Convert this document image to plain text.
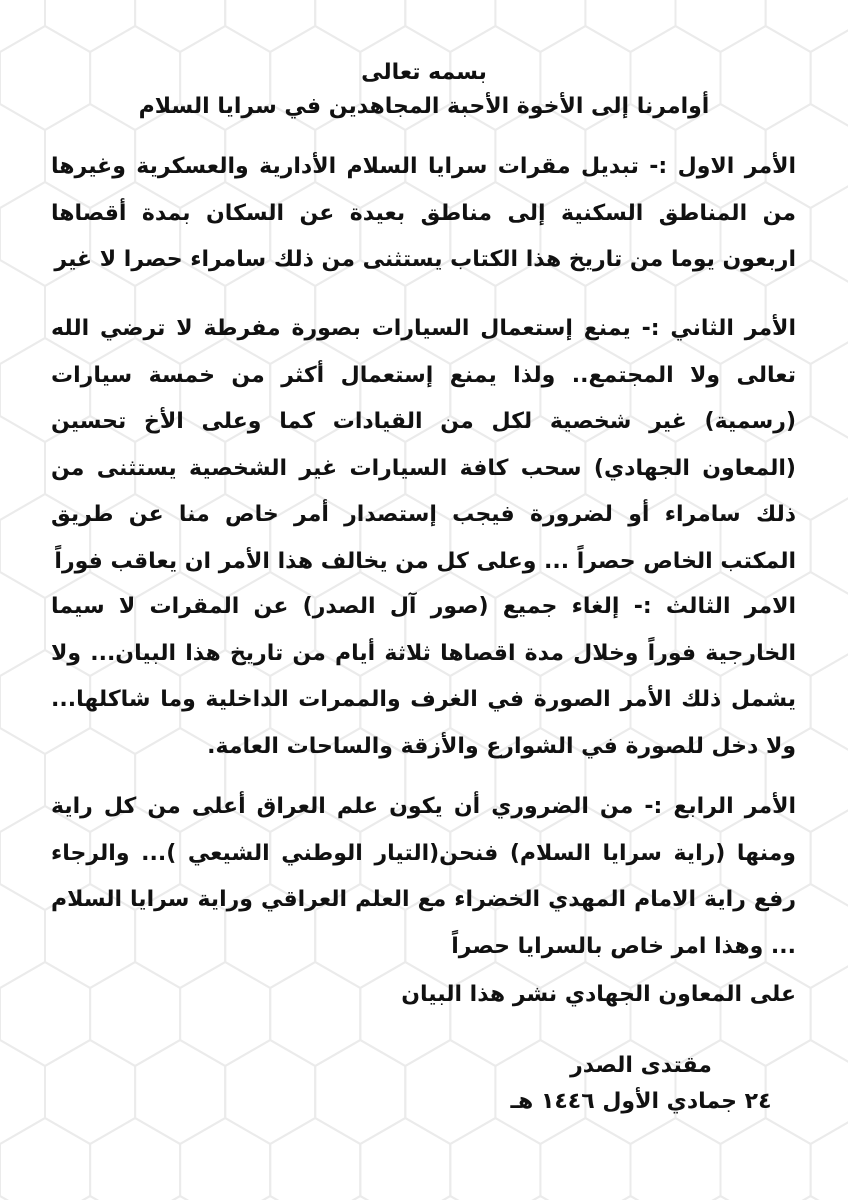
بسمه تعالى
أوامرنا إلى الأخوة الأحبة المجاهدين في سرايا السلام
الأمر الاول :- تبديل مقرات سرايا السلام الأدارية والعسكرية وغيرها من المناطق السكنية إلى مناطق بعيدة عن السكان بمدة أقصاها اربعون يوما من تاريخ هذا الكتاب يستثنى من ذلك سامراء حصرا لا غير
الأمر الثاني :- يمنع إستعمال السيارات بصورة مفرطة لا ترضي الله تعالى ولا المجتمع.. ولذا يمنع إستعمال أكثر من خمسة سيارات (رسمية) غير شخصية لكل من القيادات كما وعلى الأخ تحسين (المعاون الجهادي) سحب كافة السيارات غير الشخصية يستثنى من ذلك سامراء أو لضرورة فيجب إستصدار أمر خاص منا عن طريق المكتب الخاص حصراً ... وعلى كل من يخالف هذا الأمر ان يعاقب فوراً
الامر الثالث :- إلغاء جميع (صور آل الصدر) عن المقرات لا سيما الخارجية فوراً وخلال مدة اقصاها ثلاثة أيام من تاريخ هذا البيان... ولا يشمل ذلك الأمر الصورة في الغرف والممرات الداخلية وما شاكلها... ولا دخل للصورة في الشوارع والأزقة والساحات العامة.
الأمر الرابع :- من الضروري أن يكون علم العراق أعلى من كل راية ومنها (راية سرايا السلام) فنحن(التيار الوطني الشيعي )... والرجاء رفع راية الامام المهدي الخضراء مع العلم العراقي وراية سرايا السلام ... وهذا امر خاص بالسرايا حصراً
على المعاون الجهادي نشر هذا البيان
مقتدى الصدر
٢٤ جمادي الأول ١٤٤٦ هـ
